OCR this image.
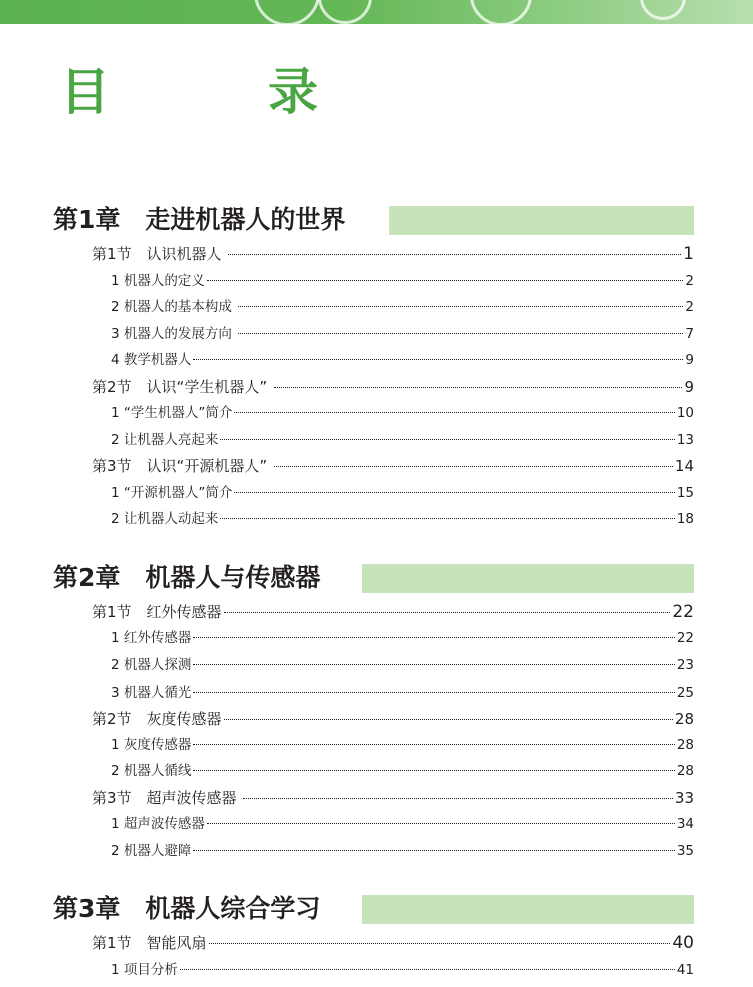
目　录
第1章　走进机器人的世界
第1节　认识机器人	1
1 机器人的定义	2
2 机器人的基本构成	2
3 机器人的发展方向	7
4 教学机器人	9
第2节　认识“学生机器人”	9
1 “学生机器人”简介	10
2 让机器人亮起来	13
第3节　认识“开源机器人”	14
1 “开源机器人”简介	15
2 让机器人动起来	18
第2章　机器人与传感器
第1节　红外传感器	22
1 红外传感器	22
2 机器人探测	23
3 机器人循光	25
第2节　灰度传感器	28
1 灰度传感器	28
2 机器人循线	28
第3节　超声波传感器	33
1 超声波传感器	34
2 机器人避障	35
第3章　机器人综合学习
第1节　智能风扇	40
1 项目分析	41
